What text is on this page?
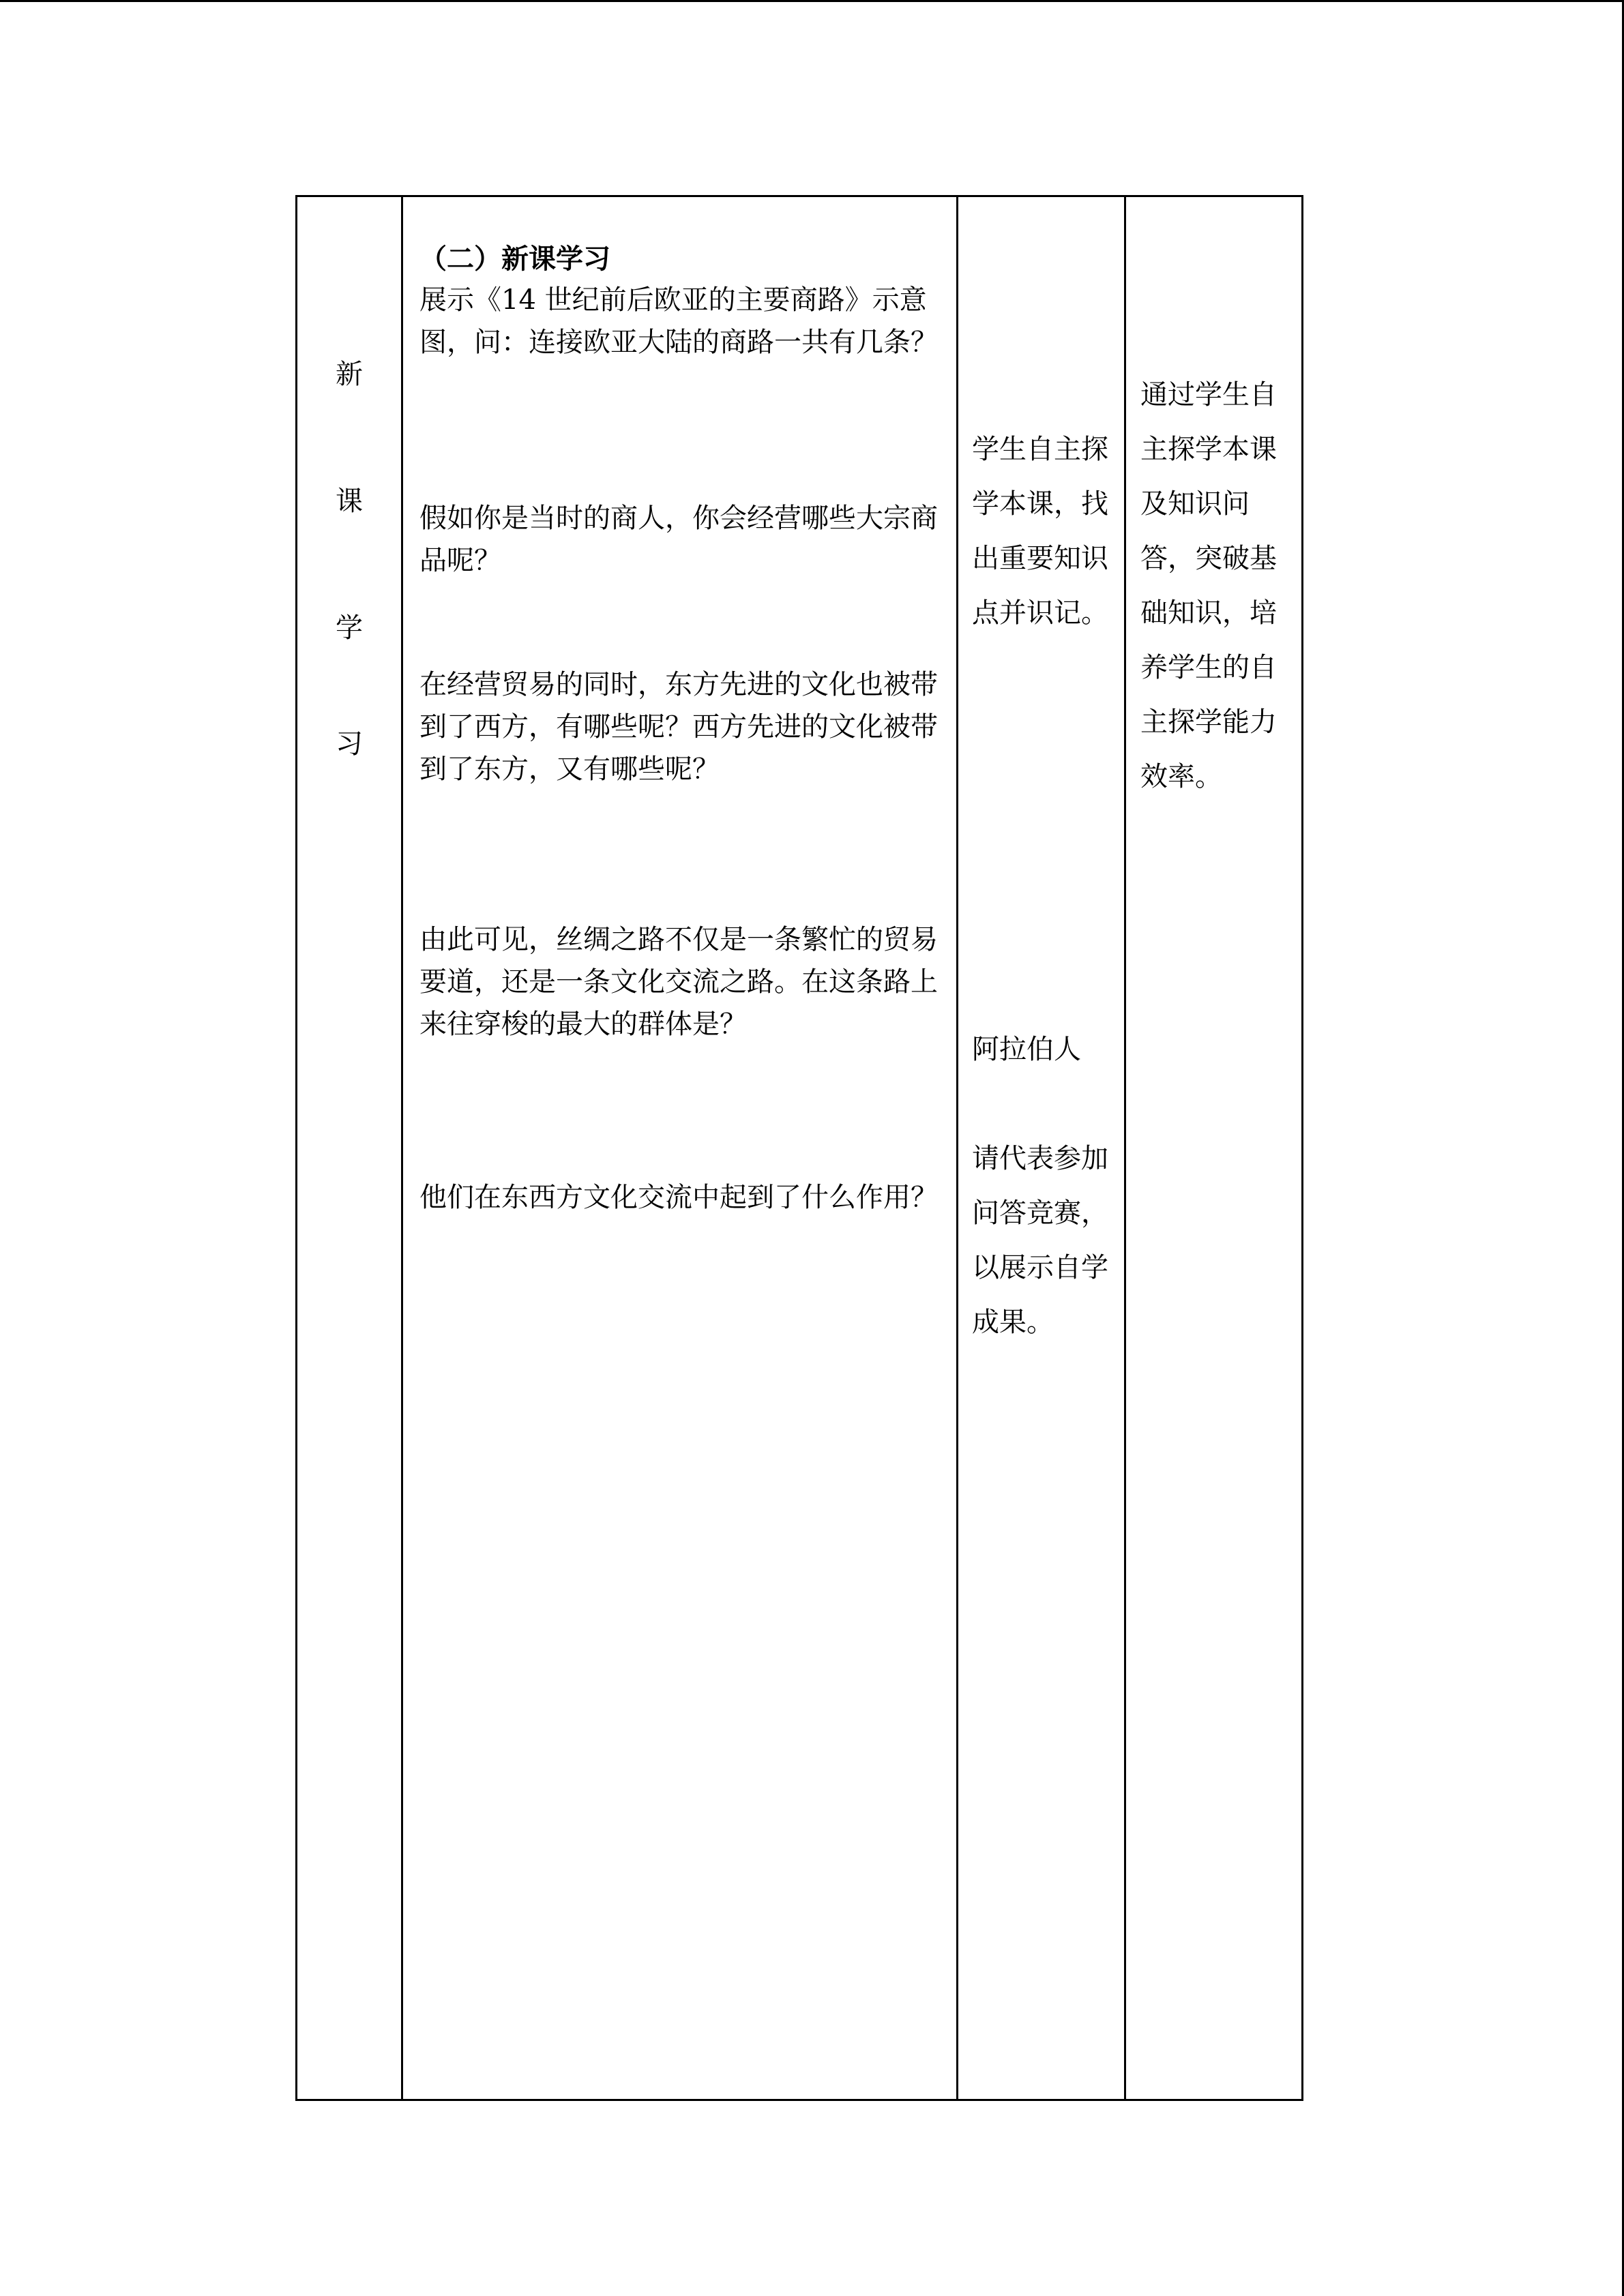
新
课
学
习

（二）新课学习

展示《14 世纪前后欧亚的主要商路》示意图，问：连接欧亚大陆的商路一共有几条？

假如你是当时的商人，你会经营哪些大宗商品呢？

在经营贸易的同时，东方先进的文化也被带到了西方，有哪些呢？西方先进的文化被带到了东方，又有哪些呢？

由此可见，丝绸之路不仅是一条繁忙的贸易要道，还是一条文化交流之路。在这条路上来往穿梭的最大的群体是？

他们在东西方文化交流中起到了什么作用？

学生自主探学本课，找出重要知识点并识记。

阿拉伯人

请代表参加问答竞赛，以展示自学成果。

通过学生自主探学本课及知识问答，突破基础知识，培养学生的自主探学能力效率。
